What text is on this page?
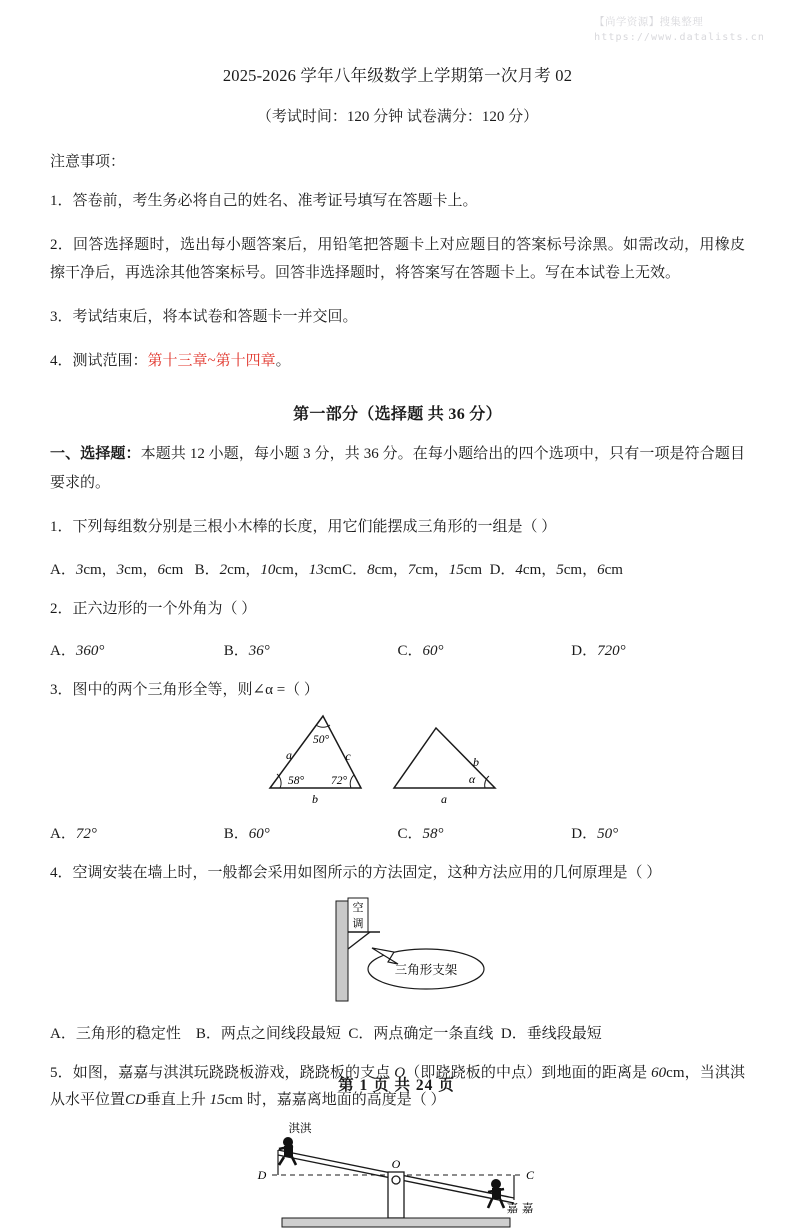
【尚学资源】搜集整理
https://www.datalists.cn
2025-2026 学年八年级数学上学期第一次月考 02
（考试时间：120 分钟 试卷满分：120 分）
注意事项：
1．答卷前，考生务必将自己的姓名、准考证号填写在答题卡上。
2．回答选择题时，选出每小题答案后，用铅笔把答题卡上对应题目的答案标号涂黑。如需改动，用橡皮擦干净后，再选涂其他答案标号。回答非选择题时，将答案写在答题卡上。写在本试卷上无效。
3．考试结束后，将本试卷和答题卡一并交回。
4．测试范围：第十三章~第十四章。
第一部分（选择题 共 36 分）
一、选择题：本题共 12 小题，每小题 3 分，共 36 分。在每小题给出的四个选项中，只有一项是符合题目要求的。
1．下列每组数分别是三根小木棒的长度，用它们能摆成三角形的一组是（ ）
A．3cm，3cm，6cm B．2cm，10cm，13cmC．8cm，7cm，15cm D．4cm，5cm，6cm
2．正六边形的一个外角为（ ）
A．360°	B．36°	C．60°	D．720°
3．图中的两个三角形全等，则∠α =（ ）
50°
a	c
58° 72°
b
b
α
a
A．72°	B．60°	C．58°	D．50°
4．空调安装在墙上时，一般都会采用如图所示的方法固定，这种方法应用的几何原理是（ ）
空
调
三角形支架
A．三角形的稳定性 B．两点之间线段最短 C．两点确定一条直线 D．垂线段最短
5．如图，嘉嘉与淇淇玩跷跷板游戏，跷跷板的支点 O（即跷跷板的中点）到地面的距离是 60cm，当淇淇从水平位置CD垂直上升 15cm 时，嘉嘉离地面的高度是（ ）
D	C
O
淇淇
嘉 嘉
第 1 页 共 24 页
